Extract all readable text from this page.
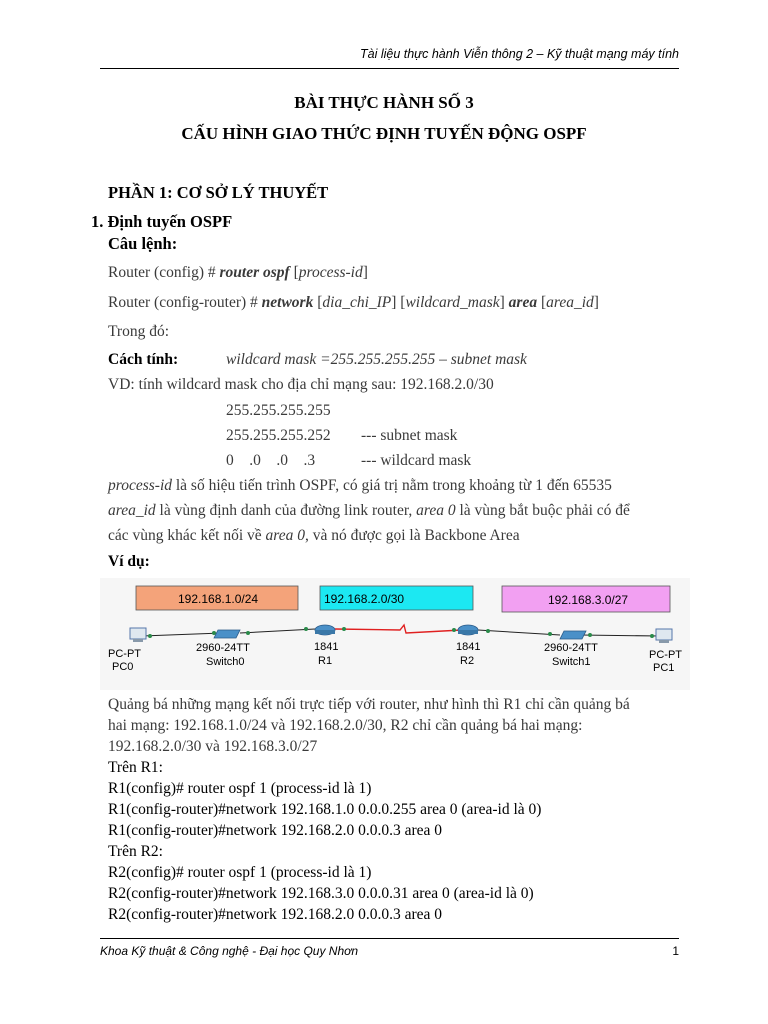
Tài liệu thực hành Viễn thông 2 – Kỹ thuật mạng máy tính
BÀI THỰC HÀNH SỐ 3
CẤU HÌNH GIAO THỨC ĐỊNH TUYẾN ĐỘNG OSPF
PHẦN 1: CƠ SỞ LÝ THUYẾT
1. Định tuyến OSPF
Câu lệnh:
Router (config) # router ospf [process-id]
Router (config-router) # network [dia_chi_IP] [wildcard_mask] area [area_id]
Trong đó:
Cách tính:	wildcard mask =255.255.255.255 – subnet mask
VD: tính wildcard mask cho địa chỉ mạng sau: 192.168.2.0/30
255.255.255.255
255.255.255.252 --- subnet mask
0    .0    .0    .3	--- wildcard mask
process-id là số hiệu tiến trình OSPF, có giá trị nằm trong khoảng từ 1 đến 65535
area_id là vùng định danh của đường link router, area 0 là vùng bắt buộc phải có để
các vùng khác kết nối về area 0, và nó được gọi là Backbone Area
Ví dụ:
192.168.1.0/24	192.168.2.0/30	192.168.3.0/27
PC-PT
PC0
2960-24TT
Switch0
1841
R1
1841
R2
2960-24TT
Switch1
PC-PT
PC1
Quảng bá những mạng kết nối trực tiếp với router, như hình thì R1 chỉ cần quảng bá
hai mạng: 192.168.1.0/24 và 192.168.2.0/30, R2 chỉ cần quảng bá hai mạng:
192.168.2.0/30 và 192.168.3.0/27
Trên R1:
R1(config)# router ospf 1 (process-id là 1)
R1(config-router)#network 192.168.1.0 0.0.0.255 area 0 (area-id là 0)
R1(config-router)#network 192.168.2.0 0.0.0.3 area 0
Trên R2:
R2(config)# router ospf 1 (process-id là 1)
R2(config-router)#network 192.168.3.0 0.0.0.31 area 0 (area-id là 0)
R2(config-router)#network 192.168.2.0 0.0.0.3 area 0
Khoa Kỹ thuật & Công nghệ - Đại học Quy Nhơn	1
